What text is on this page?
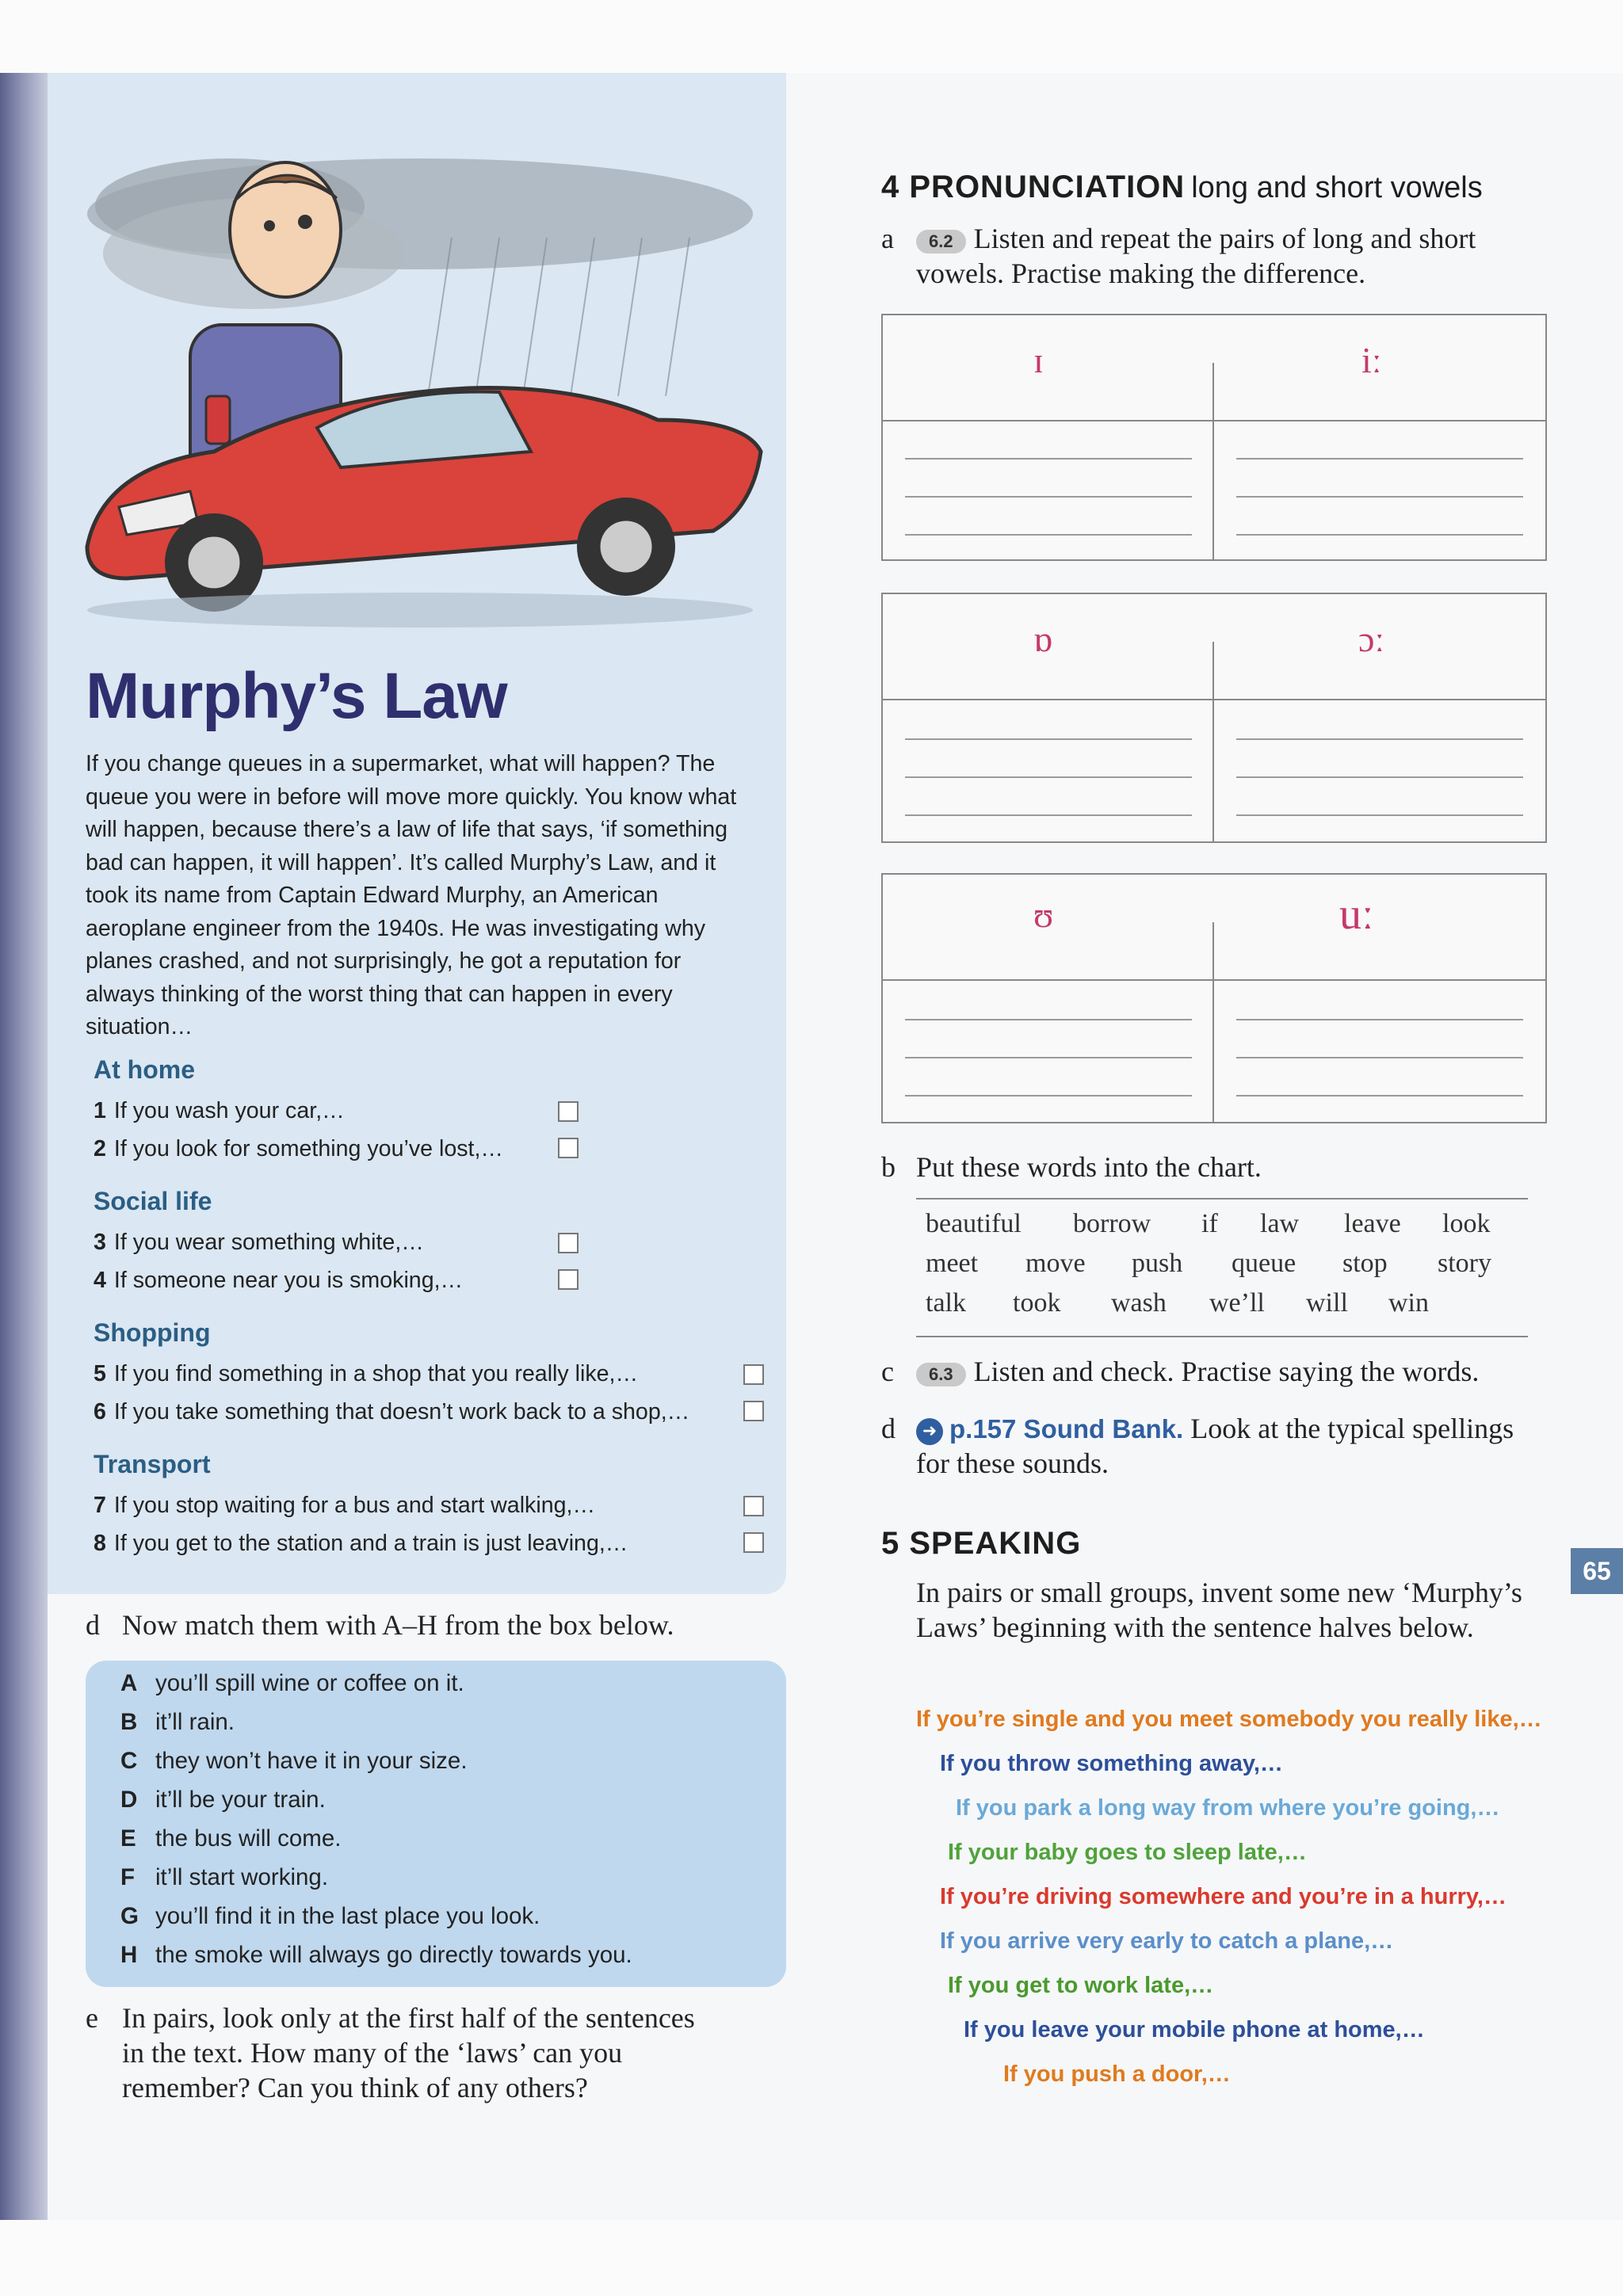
Murphy’s Law
If you change queues in a supermarket, what will happen? The queue you were in before will move more quickly. You know what will happen, because there’s a law of life that says, ‘if something bad can happen, it will happen’. It’s called Murphy’s Law, and it took its name from Captain Edward Murphy, an American aeroplane engineer from the 1940s. He was investigating why planes crashed, and not surprisingly, he got a reputation for always thinking of the worst thing that can happen in every situation…
At home
1 If you wash your car,…
2 If you look for something you’ve lost,…
Social life
3 If you wear something white,…
4 If someone near you is smoking,…
Shopping
5 If you find something in a shop that you really like,…
6 If you take something that doesn’t work back to a shop,…
Transport
7 If you stop waiting for a bus and start walking,…
8 If you get to the station and a train is just leaving,…
d Now match them with A–H from the box below.
A you’ll spill wine or coffee on it.
B it’ll rain.
C they won’t have it in your size.
D it’ll be your train.
E the bus will come.
F it’ll start working.
G you’ll find it in the last place you look.
H the smoke will always go directly towards you.
e In pairs, look only at the first half of the sentences
in the text. How many of the ‘laws’ can you
remember? Can you think of any others?
4 PRONUNCIATION long and short vowels
a	6.2 Listen and repeat the pairs of long and short
vowels. Practise making the difference.
ɪ	iː
ɒ	ɔː
ʊ	uː
b Put these words into the chart.
beautiful borrow if law leave look
meet move push queue stop story
talk took wash we’ll will win
c	6.3 Listen and check. Practise saying the words.
d	➜ p.157 Sound Bank. Look at the typical spellings
for these sounds.
5 SPEAKING
In pairs or small groups, invent some new ‘Murphy’s Laws’ beginning with the sentence halves below.
If you’re single and you meet somebody you really like,…
If you throw something away,…
If you park a long way from where you’re going,…
If your baby goes to sleep late,…
If you’re driving somewhere and you’re in a hurry,…
If you arrive very early to catch a plane,…
If you get to work late,…
If you leave your mobile phone at home,…
If you push a door,…
65
